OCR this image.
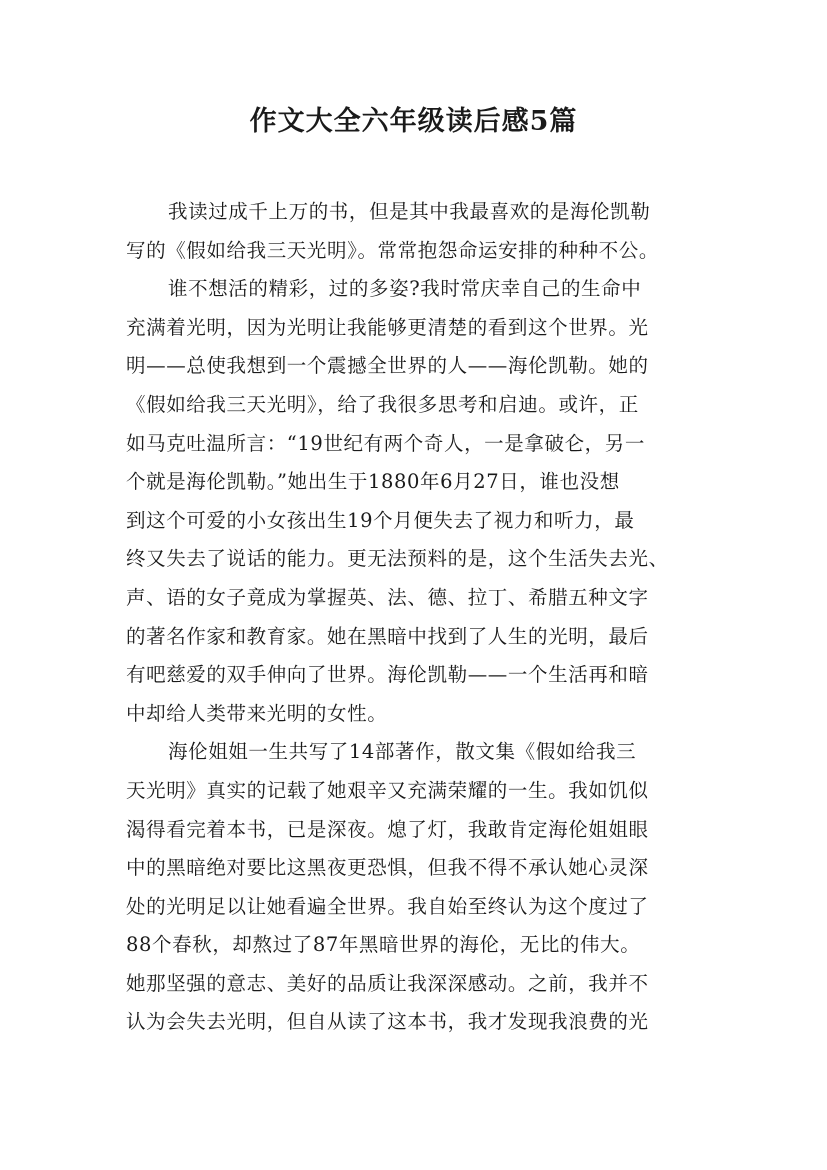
作文大全六年级读后感5篇
我读过成千上万的书，但是其中我最喜欢的是海伦凯勒
写的《假如给我三天光明》。常常抱怨命运安排的种种不公。
谁不想活的精彩，过的多姿?我时常庆幸自己的生命中
充满着光明，因为光明让我能够更清楚的看到这个世界。光
明——总使我想到一个震撼全世界的人——海伦凯勒。她的
《假如给我三天光明》，给了我很多思考和启迪。或许，正
如马克吐温所言：“19世纪有两个奇人，一是拿破仑，另一
个就是海伦凯勒。”她出生于1880年6月27日，谁也没想
到这个可爱的小女孩出生19个月便失去了视力和听力，最
终又失去了说话的能力。更无法预料的是，这个生活失去光、
声、语的女子竟成为掌握英、法、德、拉丁、希腊五种文字
的著名作家和教育家。她在黑暗中找到了人生的光明，最后
有吧慈爱的双手伸向了世界。海伦凯勒——一个生活再和暗
中却给人类带来光明的女性。
海伦姐姐一生共写了14部著作，散文集《假如给我三
天光明》真实的记载了她艰辛又充满荣耀的一生。我如饥似
渴得看完着本书，已是深夜。熄了灯，我敢肯定海伦姐姐眼
中的黑暗绝对要比这黑夜更恐惧，但我不得不承认她心灵深
处的光明足以让她看遍全世界。我自始至终认为这个度过了
88个春秋，却熬过了87年黑暗世界的海伦，无比的伟大。
她那坚强的意志、美好的品质让我深深感动。之前，我并不
认为会失去光明，但自从读了这本书，我才发现我浪费的光
